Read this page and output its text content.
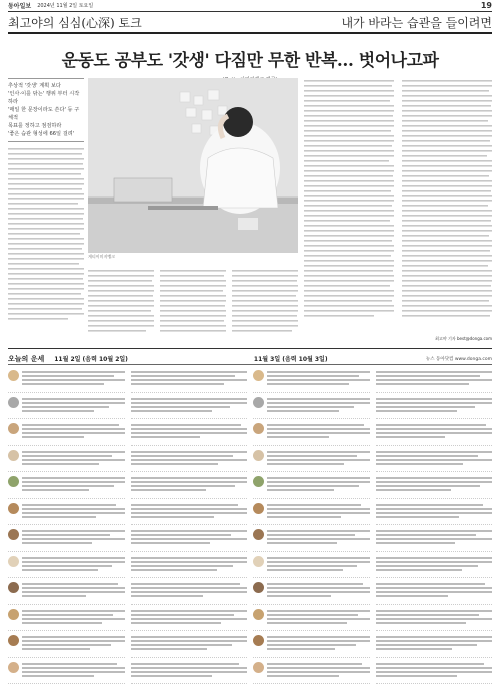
동아일보 2024년 11월 2일 토요일	19
최고야의 심심(心深) 토크	내가 바라는 습관을 들이려면
운동도 공부도 '갓생' 다짐만 무한 반복… 벗어나고파
추상적 '갓생' 계획 보다
'인사·이를 닦는' 행위 부터 시작하라
'매일 한 문장이라도 쓴다' 등 구체적
목표를 정하고 점검하라
'좋은 습관 형성에 66일 걸려'
게티이미지뱅크
최고야 기자 best@donga.com
오늘의 운세 11월 2일 (음력 10월 2일)	11월 3일 (음력 10월 3일)	뉴스 동아닷컴 www.donga.com
